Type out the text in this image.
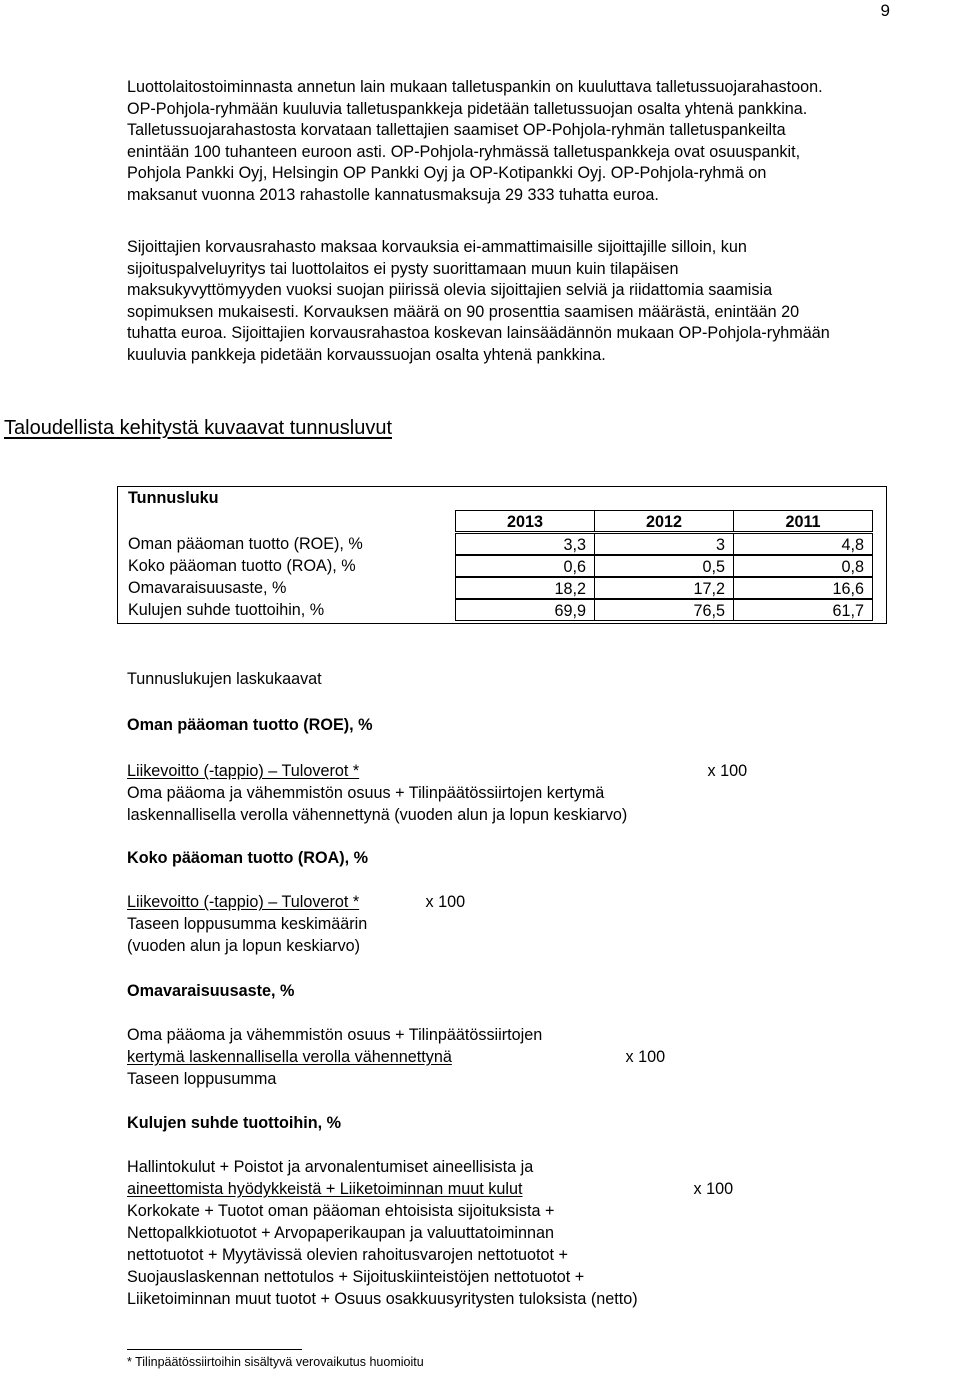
9

Luottolaitostoiminnasta annetun lain mukaan talletuspankin on kuuluttava talletussuojarahastoon.
OP-Pohjola-ryhmään kuuluvia talletuspankkeja pidetään talletussuojan osalta yhtenä pankkina.
Talletussuojarahastosta korvataan tallettajien saamiset OP-Pohjola-ryhmän talletuspankeilta
enintään 100 tuhanteen euroon asti. OP-Pohjola-ryhmässä talletuspankkeja ovat osuuspankit,
Pohjola Pankki Oyj, Helsingin OP Pankki Oyj ja OP-Kotipankki Oyj. OP-Pohjola-ryhmä on
maksanut vuonna 2013 rahastolle kannatusmaksuja 29 333 tuhatta euroa.

Sijoittajien korvausrahasto maksaa korvauksia ei-ammattimaisille sijoittajille silloin, kun
sijoituspalveluyritys tai luottolaitos ei pysty suorittamaan muun kuin tilapäisen
maksukyvyttömyyden vuoksi suojan piirissä olevia sijoittajien selviä ja riidattomia saamisia
sopimuksen mukaisesti. Korvauksen määrä on 90 prosenttia saamisen määrästä, enintään 20
tuhatta euroa. Sijoittajien korvausrahastoa koskevan lainsäädännön mukaan OP-Pohjola-ryhmään
kuuluvia pankkeja pidetään korvaussuojan osalta yhtenä pankkina.

Taloudellista kehitystä kuvaavat tunnusluvut
Tunnusluku
2013	2012	2011
Oman pääoman tuotto (ROE), %	3,3	3	4,8
Koko pääoman tuotto (ROA), %	0,6	0,5	0,8
Omavaraisuusaste, %	18,2	17,2	16,6
Kulujen suhde tuottoihin, %	69,9	76,5	61,7
Tunnuslukujen laskukaavat
Oman pääoman tuotto (ROE), %
Liikevoitto (-tappio) – Tuloverot *	x 100
Oma pääoma ja vähemmistön osuus + Tilinpäätössiirtojen kertymä
laskennallisella verolla vähennettynä (vuoden alun ja lopun keskiarvo)
Koko pääoman tuotto (ROA), %
Liikevoitto (-tappio) – Tuloverot *	x 100
Taseen loppusumma keskimäärin
(vuoden alun ja lopun keskiarvo)
Omavaraisuusaste, %
Oma pääoma ja vähemmistön osuus + Tilinpäätössiirtojen
kertymä laskennallisella verolla vähennettynä	x 100
Taseen loppusumma
Kulujen suhde tuottoihin, %
Hallintokulut + Poistot ja arvonalentumiset aineellisista ja
aineettomista hyödykkeistä + Liiketoiminnan muut kulut	x 100
Korkokate + Tuotot oman pääoman ehtoisista sijoituksista +
Nettopalkkiotuotot + Arvopaperikaupan ja valuuttatoiminnan
nettotuotot + Myytävissä olevien rahoitusvarojen nettotuotot +
Suojauslaskennan nettotulos + Sijoituskiinteistöjen nettotuotot +
Liiketoiminnan muut tuotot + Osuus osakkuusyritysten tuloksista (netto)
* Tilinpäätössiirtoihin sisältyvä verovaikutus huomioitu
